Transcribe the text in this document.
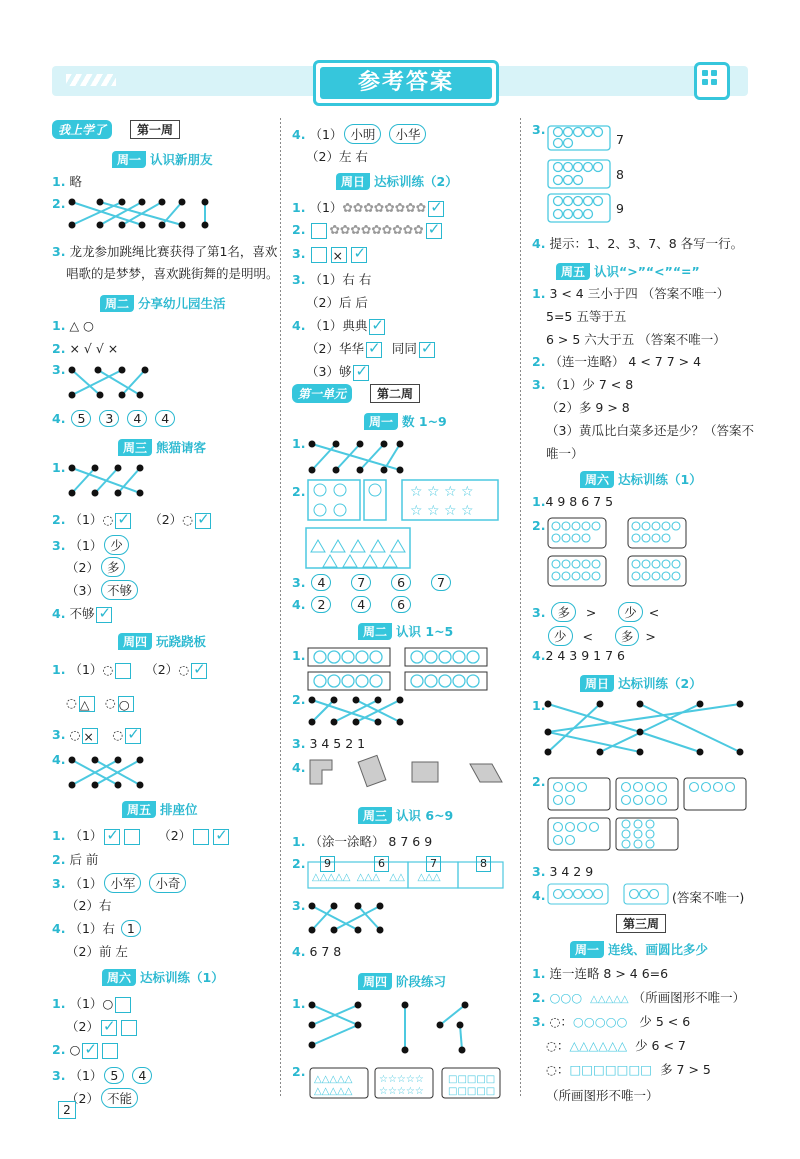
参考答案
我上学了	第一周
周一 认识新朋友
1. 略
2.
3. 龙龙参加跳绳比赛获得了第1名，喜欢
唱歌的是梦梦，喜欢跳街舞的是明明。
周二 分享幼儿园生活
1. △ ○
2. × √ √ ×
3.
4. 5 3 4 4
周三 熊猫请客
1.
2. （1）◌ ✓	（2）◌✓
3. （1） 少
（2） 多
（3） 不够
4. 不够✓
周四 玩跷跷板
1. （1）◌	（2）◌✓
◌ △ ◌ ○
3. ◌ × ◌✓
4.
周五 排座位
1. （1） ✓	（2）✓
2. 后 前
3. （1） 小军 小奇
（2）右
4. （1）右 1
（2）前 左
周六 达标训练（1）
1. （1）○
（2）✓
2. ○✓
3. （1） 5 4
（2） 不能
2
4. （1） 小明 小华
（2）左 右
周日 达标训练（2）
1. （1）✿✿✿✿✿✿✿✿✓
2. ✿✿✿✿✿✿✿✿✿✓
3. ×✓
3. （1）右 右
（2）后 后
4. （1）典典✓
（2）华华 ✓ 同同✓
（3）够✓
第一单元	第二周
周一 数 1~9
1.
☆ ☆ ☆ ☆
☆ ☆ ☆ ☆
△△△△△
△△△△△
☆☆☆☆☆
☆☆☆☆☆
□□□□□
□□□□□
2.
3. 4	7	6	7
4. 2	4	6
周二 认识 1~5
1.
2.
3. 3 4 5 2 1
4.
周三 认识 6~9
1. （涂一涂略） 8 7 6 9
2.	9	6	7	8
△△△△△  △△△   △△    △△△
3.
4. 6 7 8
周四 阶段练习
1.
2.
3.
7
8
9
4. 提示：1、2、3、7、8 各写一行。
周五 认识“>”“<”“=”
1. 3 < 4 三小于四 （答案不唯一）
5=5 五等于五
6 > 5 六大于五 （答案不唯一）
2. （连一连略） 4 < 7 7 > 4
3. （1）少 7 < 8
（2）多 9 > 8
（3）黄瓜比白菜多还是少？（答案不
唯一）
周六 达标训练（1）
1.4 9 8 6 7 5
2.
3. 多 > 少 <
少 < 多 >
4.2 4 3 9 1 7 6
周日 达标训练（2）
1.
2.
3. 3 4 2 9
4.	(答案不唯一)
第三周
周一 连线、画圆比多少
1. 连一连略 8 > 4 6=6
2. ○○○ △△△△△ （所画图形不唯一）
3. ◌：○○○○○ 少 5 < 6
◌：△△△△△△ 少 6 < 7
◌：□□□□□□□ 多 7 > 5
（所画图形不唯一）
